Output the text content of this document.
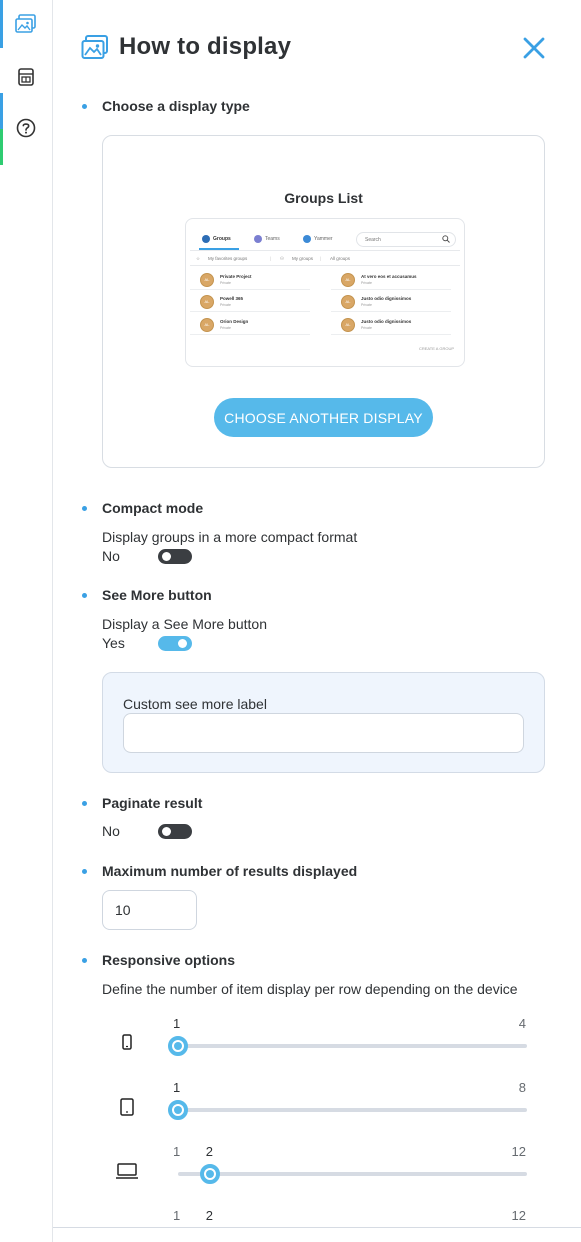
How to display
Choose a display type
Groups List
Groups	Teams	Yammer	Search
☆ My favorites groups	| ⚇ My groups | All groups
AL
Private Project
Private
AL
At vero eos et accusamus
Private
AL
Powell 365
Private
AL
Justo odio dignissimos
Private
AL
Orion Design
Private
AL
Justo odio dignissimos
Private
CREATE A GROUP
CHOOSE ANOTHER DISPLAY
Compact mode
Display groups in a more compact format
No
See More button
Display a See More button
Yes
Custom see more label
Paginate result
No
Maximum number of results displayed
10
Responsive options
Define the number of item display per row depending on the device
1	4
1	8
1 2	12
1 2	12
